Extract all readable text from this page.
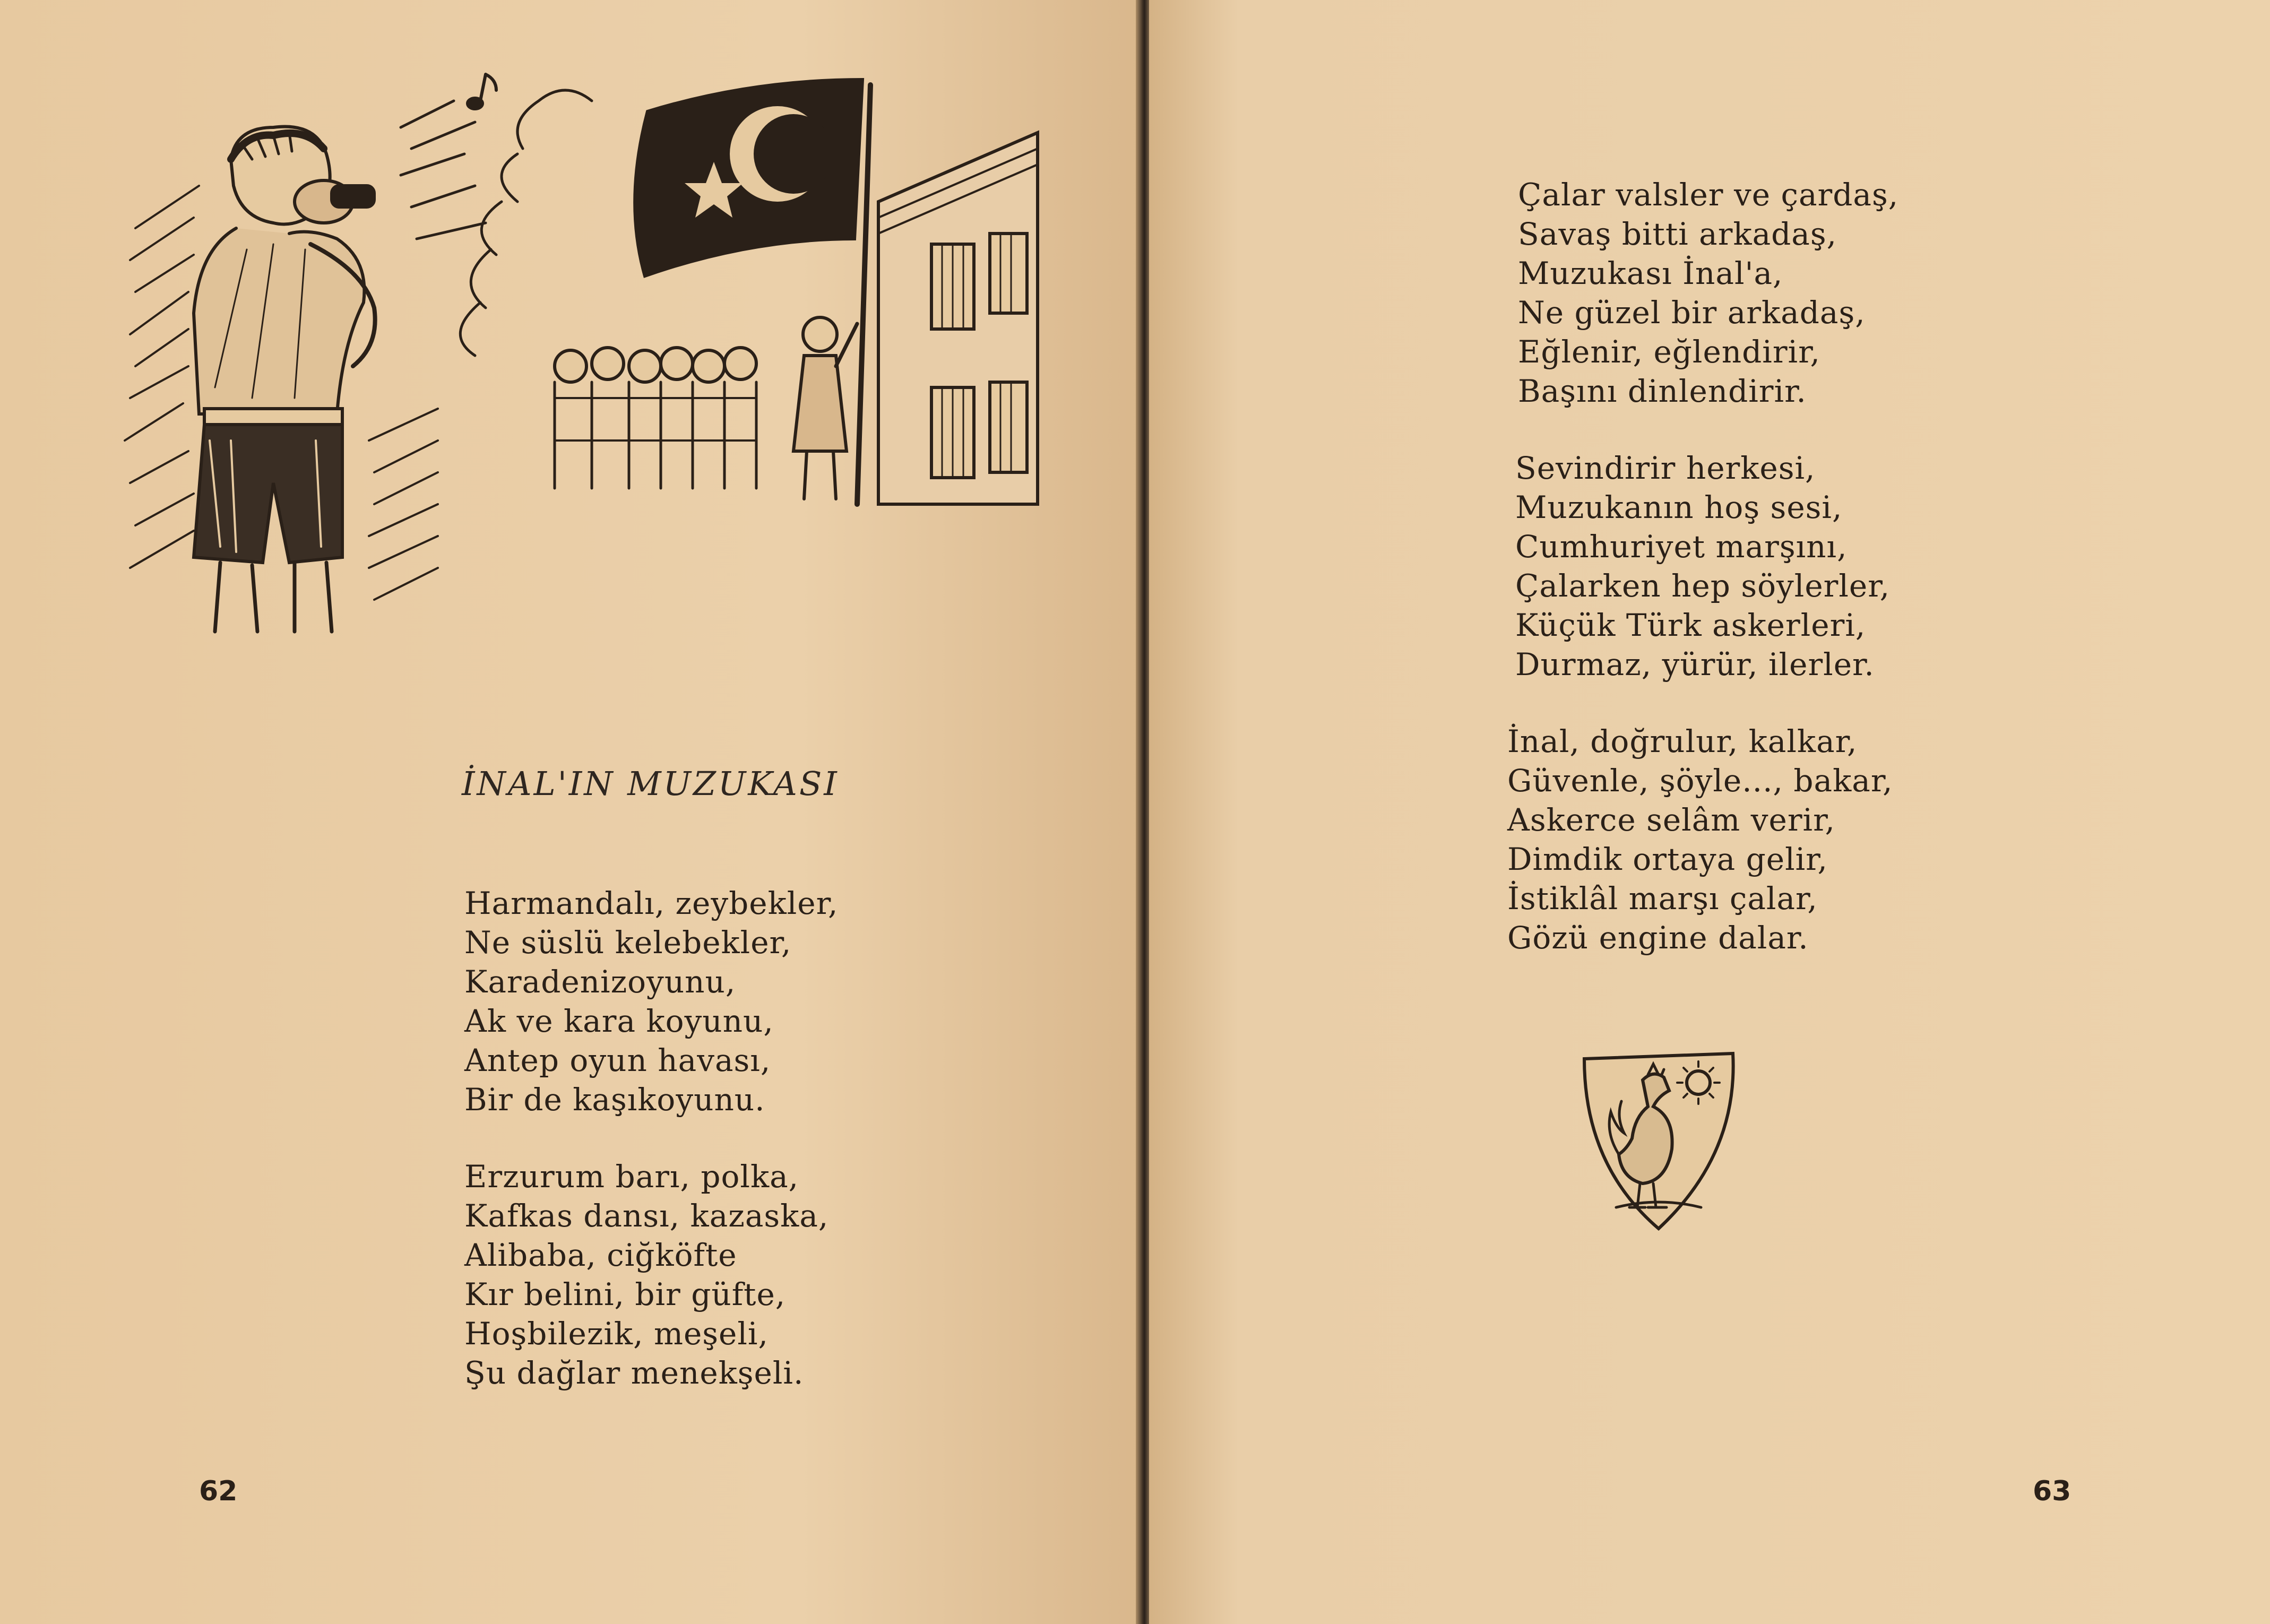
İNAL'IN MUZUKASI
Harmandalı, zeybekler,
Ne süslü kelebekler,
Karadenizoyunu,
Ak ve kara koyunu,
Antep oyun havası,
Bir de kaşıkoyunu.
Erzurum barı, polka,
Kafkas dansı, kazaska,
Alibaba, ciğköfte
Kır belini, bir güfte,
Hoşbilezik, meşeli,
Şu dağlar menekşeli.
62
Çalar valsler ve çardaş,
Savaş bitti arkadaş,
Muzukası İnal'a,
Ne güzel bir arkadaş,
Eğlenir, eğlendirir,
Başını dinlendirir.
Sevindirir herkesi,
Muzukanın hoş sesi,
Cumhuriyet marşını,
Çalarken hep söylerler,
Küçük Türk askerleri,
Durmaz, yürür, ilerler.
İnal, doğrulur, kalkar,
Güvenle, şöyle..., bakar,
Askerce selâm verir,
Dimdik ortaya gelir,
İstiklâl marşı çalar,
Gözü engine dalar.
63
